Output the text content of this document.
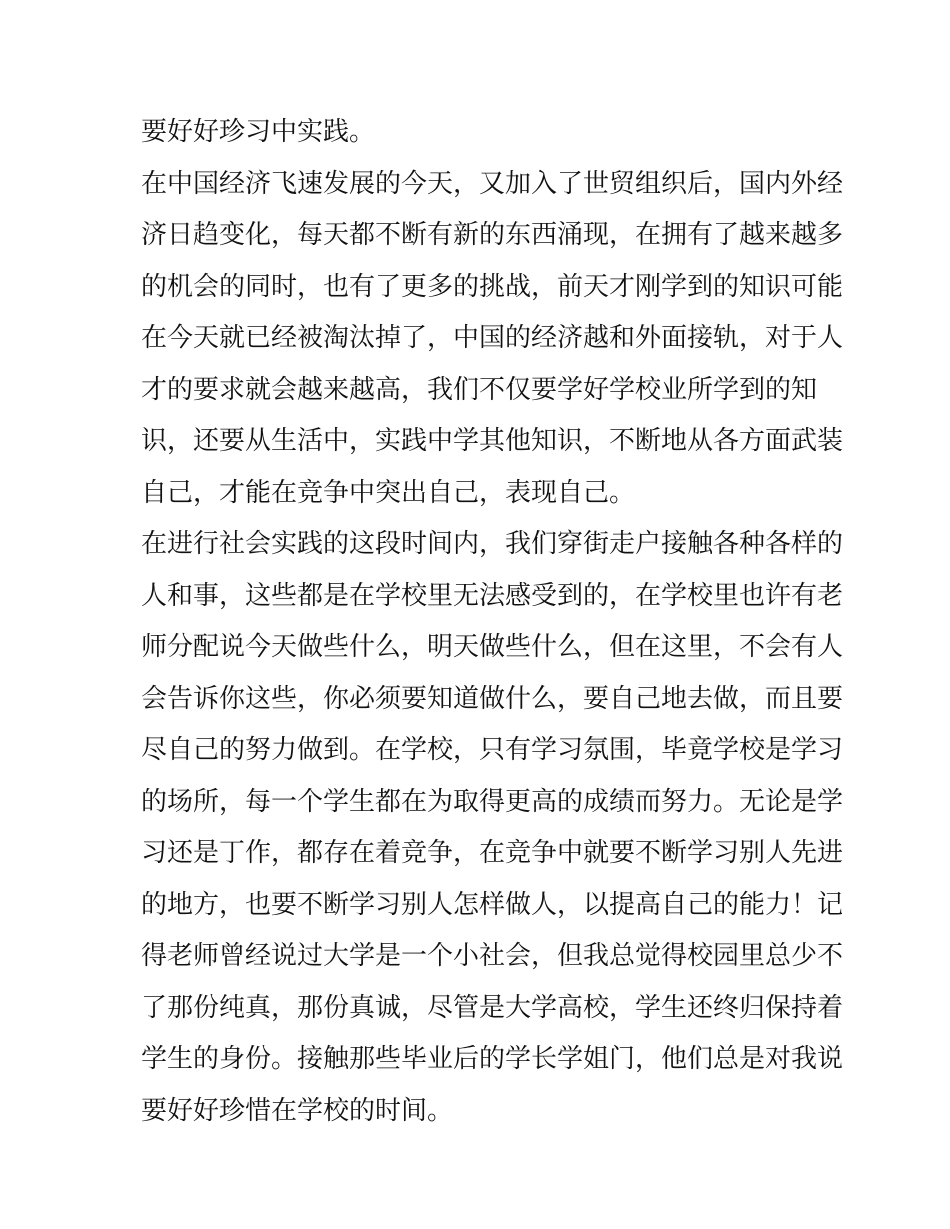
要好好珍习中实践。
在中国经济飞速发展的今天，又加入了世贸组织后，国内外经
济日趋变化，每天都不断有新的东西涌现，在拥有了越来越多
的机会的同时，也有了更多的挑战，前天才刚学到的知识可能
在今天就已经被淘汰掉了，中国的经济越和外面接轨，对于人
才的要求就会越来越高，我们不仅要学好学校业所学到的知
识，还要从生活中，实践中学其他知识，不断地从各方面武装
自己，才能在竞争中突出自己，表现自己。
在进行社会实践的这段时间内，我们穿街走户接触各种各样的
人和事，这些都是在学校里无法感受到的，在学校里也许有老
师分配说今天做些什么，明天做些什么，但在这里，不会有人
会告诉你这些，你必须要知道做什么，要自己地去做，而且要
尽自己的努力做到。在学校，只有学习氛围，毕竟学校是学习
的场所，每一个学生都在为取得更高的成绩而努力。无论是学
习还是丁作，都存在着竞争，在竞争中就要不断学习别人先进
的地方，也要不断学习别人怎样做人，以提高自己的能力！记
得老师曾经说过大学是一个小社会，但我总觉得校园里总少不
了那份纯真，那份真诚，尽管是大学高校，学生还终归保持着
学生的身份。接触那些毕业后的学长学姐门，他们总是对我说
要好好珍惜在学校的时间。
